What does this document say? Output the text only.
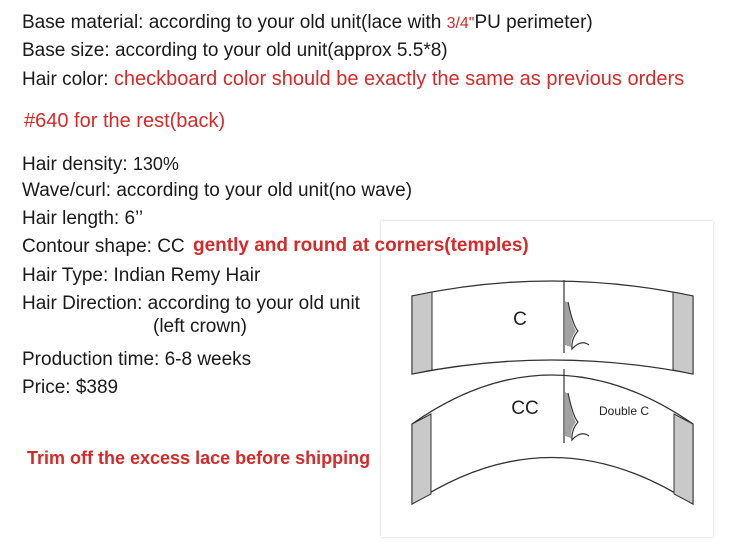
Base material: according to your old unit(lace with 3/4"PU perimeter)
Base size: according to your old unit(approx 5.5*8)
Hair color: checkboard color should be exactly the same as previous orders
#640 for the rest(back)
Hair density: 130%
Wave/curl: according to your old unit(no wave)
Hair length: 6’’
C
CC	Double C
Contour shape: CC gently and round at corners(temples)
Hair Type: Indian Remy Hair
Hair Direction: according to your old unit
(left crown)
Production time: 6-8 weeks
Price: $389
Trim off the excess lace before shipping
